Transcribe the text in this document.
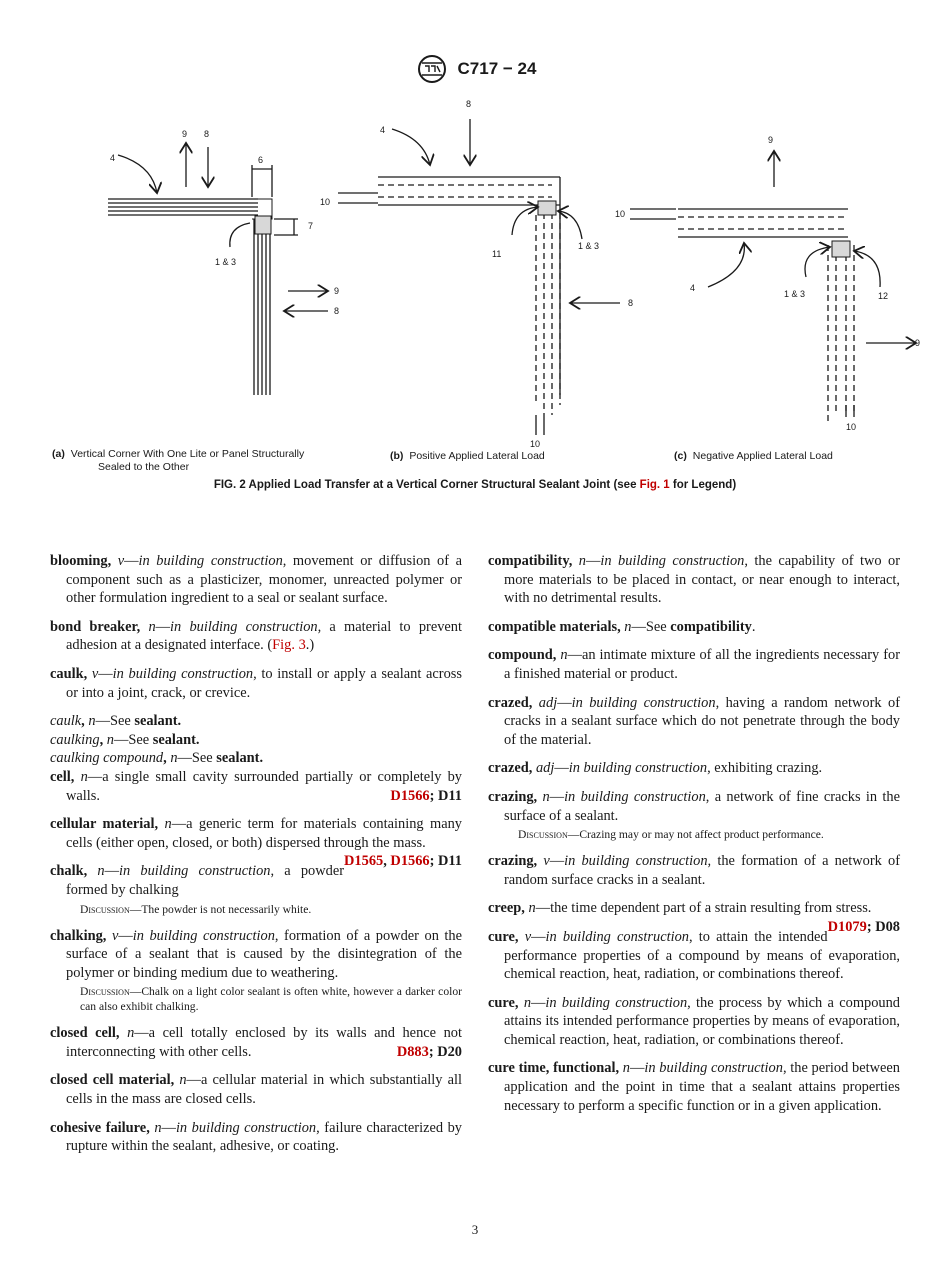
C717 − 24
4
9 8
6
7
1 & 3
9
8
8
4
10
11
1 & 3
8
10
9
10
4
1 & 3	12
9
10
(a) Vertical Corner With One Lite or Panel Structurally
Sealed to the Other
(b) Positive Applied Lateral Load	(c) Negative Applied Lateral Load
FIG. 2 Applied Load Transfer at a Vertical Corner Structural Sealant Joint (see Fig. 1 for Legend)

blooming, v—in building construction, movement or diffusion of a component such as a plasticizer, monomer, unreacted polymer or other formulation ingredient to a seal or sealant surface.

bond breaker, n—in building construction, a material to prevent adhesion at a designated interface. (Fig. 3.)

caulk, v—in building construction, to install or apply a sealant across or into a joint, crack, or crevice.

caulk, n—See sealant.

caulking, n—See sealant.

caulking compound, n—See sealant.

cell, n—a single small cavity surrounded partially or completely by walls.	D1566; D11

cellular material, n—a generic term for materials containing many cells (either open, closed, or both) dispersed through the mass.
D1565, D1566; D11

chalk, n—in building construction, a powder formed by chalking

Discussion—The powder is not necessarily white.

chalking, v—in building construction, formation of a powder on the surface of a sealant that is caused by the disintegration of the polymer or binding medium due to weathering.

Discussion—Chalk on a light color sealant is often white, however a darker color can also exhibit chalking.

closed cell, n—a cell totally enclosed by its walls and hence not interconnecting with other cells.	D883; D20

closed cell material, n—a cellular material in which substantially all cells in the mass are closed cells.

cohesive failure, n—in building construction, failure characterized by rupture within the sealant, adhesive, or coating.

compatibility, n—in building construction, the capability of two or more materials to be placed in contact, or near enough to interact, with no detrimental results.

compatible materials, n—See compatibility.

compound, n—an intimate mixture of all the ingredients necessary for a finished material or product.

crazed, adj—in building construction, having a random network of cracks in a sealant surface which do not penetrate through the body of the material.

crazed, adj—in building construction, exhibiting crazing.

crazing, n—in building construction, a network of fine cracks in the surface of a sealant.

Discussion—Crazing may or may not affect product performance.

crazing, v—in building construction, the formation of a network of random surface cracks in a sealant.

creep, n—the time dependent part of a strain resulting from stress.
D1079; D08

cure, v—in building construction, to attain the intended performance properties of a compound by means of evaporation, chemical reaction, heat, radiation, or combinations thereof.

cure, n—in building construction, the process by which a compound attains its intended performance properties by means of evaporation, chemical reaction, heat, radiation, or combinations thereof.

cure time, functional, n—in building construction, the period between application and the point in time that a sealant attains properties necessary to perform a specific function or in a given application.

3
